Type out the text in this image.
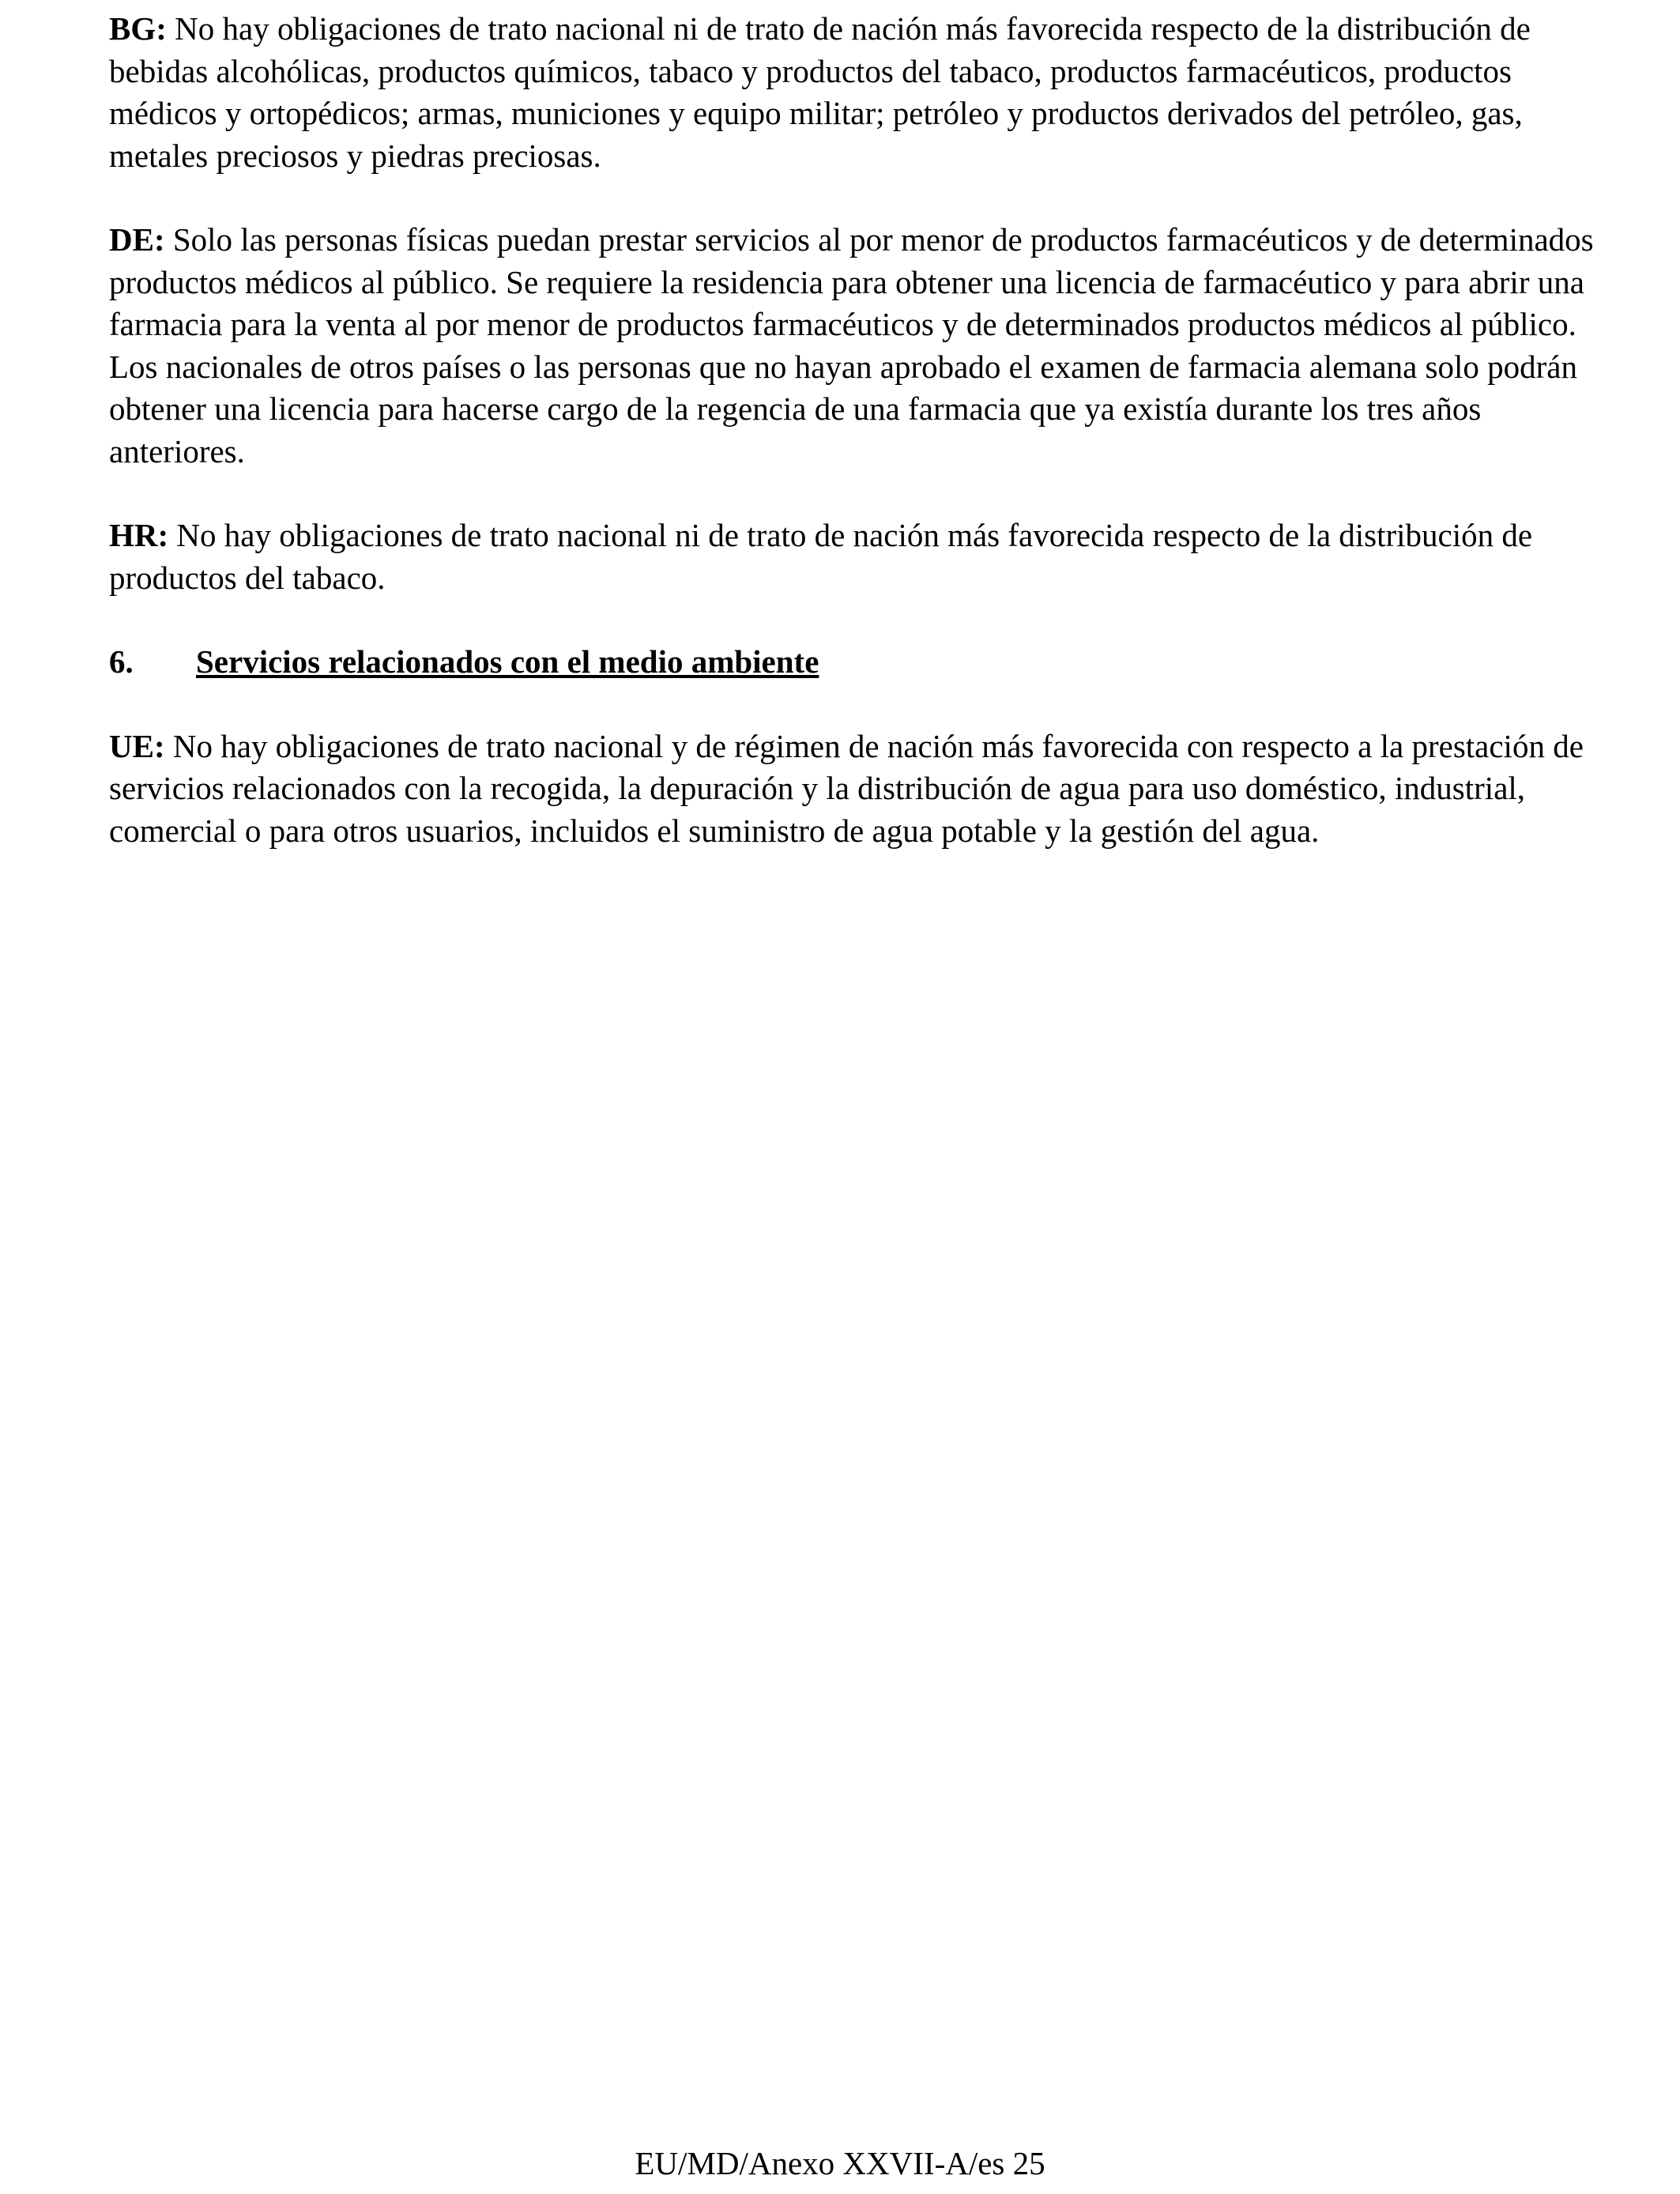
BG: No hay obligaciones de trato nacional ni de trato de nación más favorecida respecto de la distribución de bebidas alcohólicas, productos químicos, tabaco y productos del tabaco, productos farmacéuticos, productos médicos y ortopédicos; armas, municiones y equipo militar; petróleo y productos derivados del petróleo, gas, metales preciosos y piedras preciosas.

DE: Solo las personas físicas puedan prestar servicios al por menor de productos farmacéuticos y de determinados productos médicos al público. Se requiere la residencia para obtener una licencia de farmacéutico y para abrir una farmacia para la venta al por menor de productos farmacéuticos y de determinados productos médicos al público. Los nacionales de otros países o las personas que no hayan aprobado el examen de farmacia alemana solo podrán obtener una licencia para hacerse cargo de la regencia de una farmacia que ya existía durante los tres años anteriores.

HR: No hay obligaciones de trato nacional ni de trato de nación más favorecida respecto de la distribución de productos del tabaco.

6. Servicios relacionados con el medio ambiente

UE: No hay obligaciones de trato nacional y de régimen de nación más favorecida con respecto a la prestación de servicios relacionados con la recogida, la depuración y la distribución de agua para uso doméstico, industrial, comercial o para otros usuarios, incluidos el suministro de agua potable y la gestión del agua.

EU/MD/Anexo XXVII-A/es 25
